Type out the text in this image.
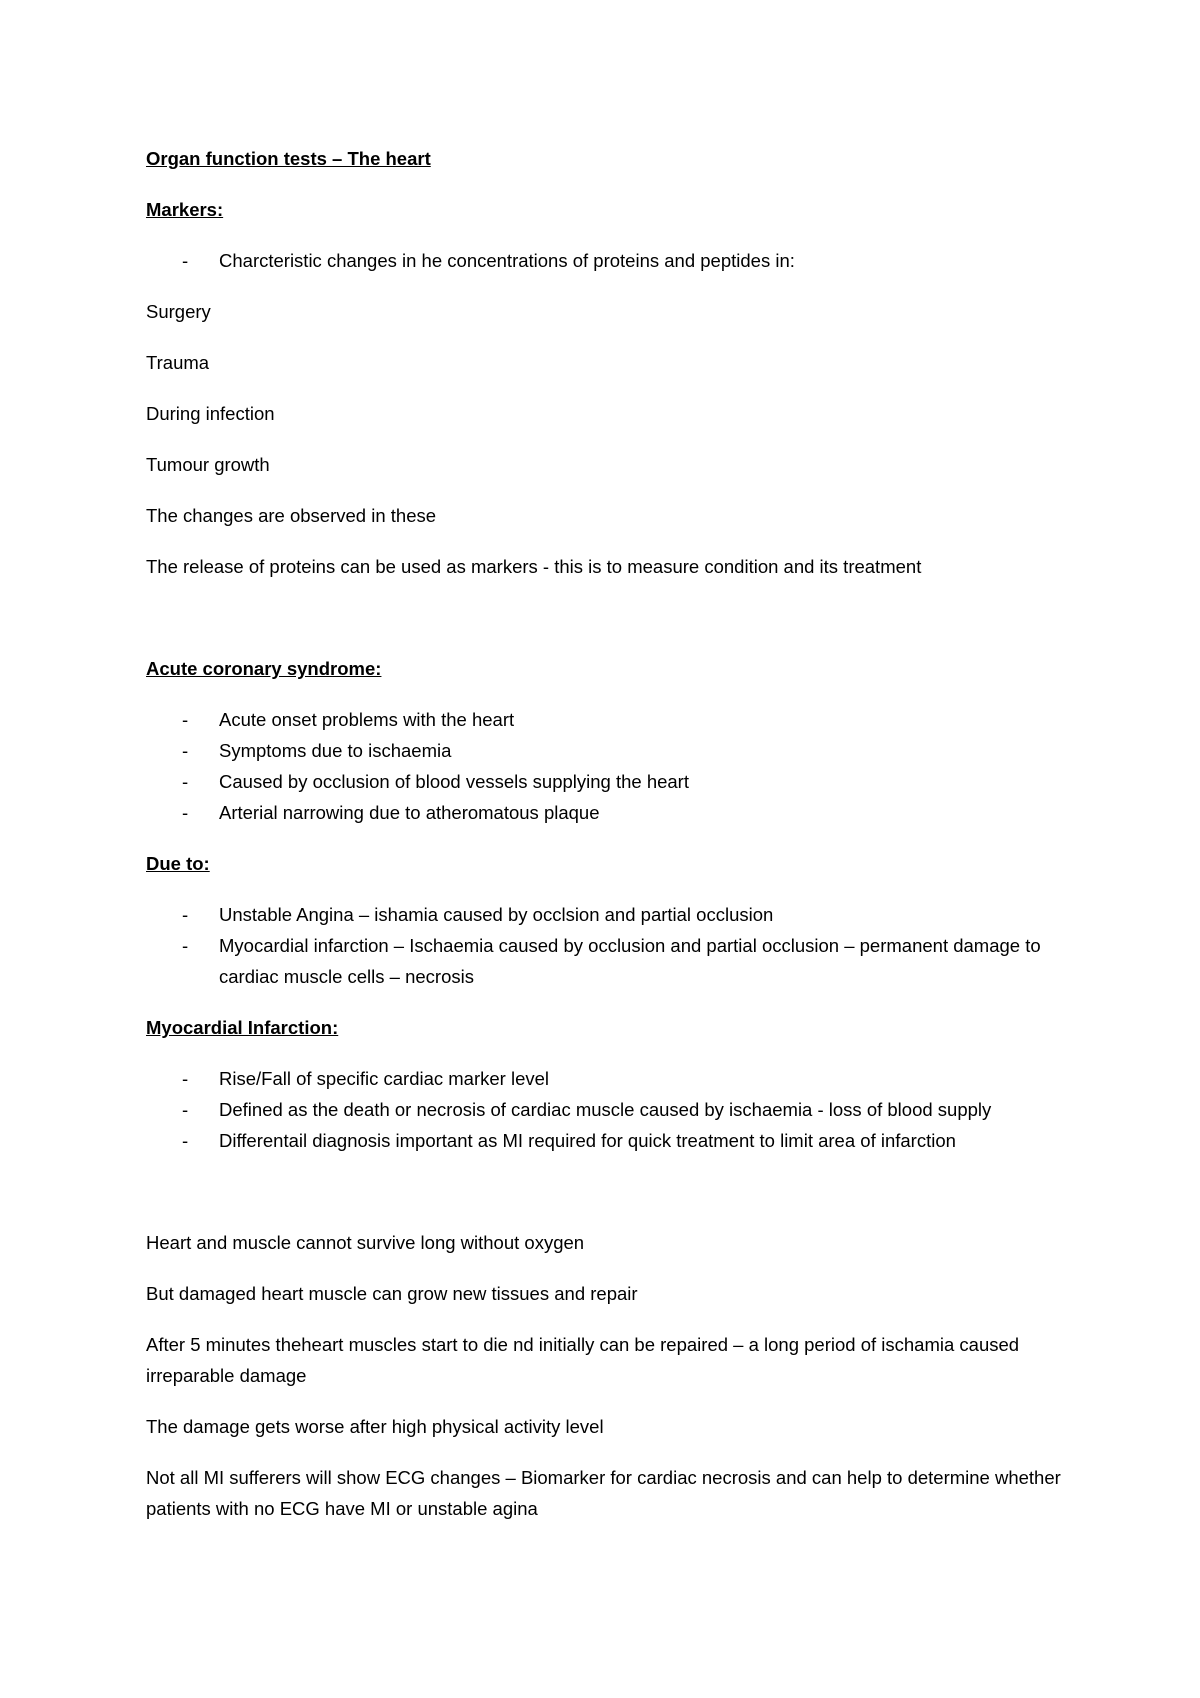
Organ function tests – The heart
Markers:
- Charcteristic changes in he concentrations of proteins and peptides in:
Surgery
Trauma
During infection
Tumour growth
The changes are observed in these
The release of proteins can be used as markers - this is to measure condition and its treatment
Acute coronary syndrome:
- Acute onset problems with the heart
- Symptoms due to ischaemia
- Caused by occlusion of blood vessels supplying the heart
- Arterial narrowing due to atheromatous plaque
Due to:
- Unstable Angina – ishamia caused by occlsion and partial occlusion
- Myocardial infarction – Ischaemia caused by occlusion and partial occlusion – permanent damage to cardiac muscle cells – necrosis
Myocardial Infarction:
- Rise/Fall of specific cardiac marker level
- Defined as the death or necrosis of cardiac muscle caused by ischaemia - loss of blood supply
- Differentail diagnosis important as MI required for quick treatment to limit area of infarction
Heart and muscle cannot survive long without oxygen
But damaged heart muscle can grow new tissues and repair
After 5 minutes theheart muscles start to die nd initially can be repaired – a long period of ischamia caused irreparable damage
The damage gets worse after high physical activity level
Not all MI sufferers will show ECG changes – Biomarker for cardiac necrosis and can help to determine whether patients with no ECG have MI or unstable agina
